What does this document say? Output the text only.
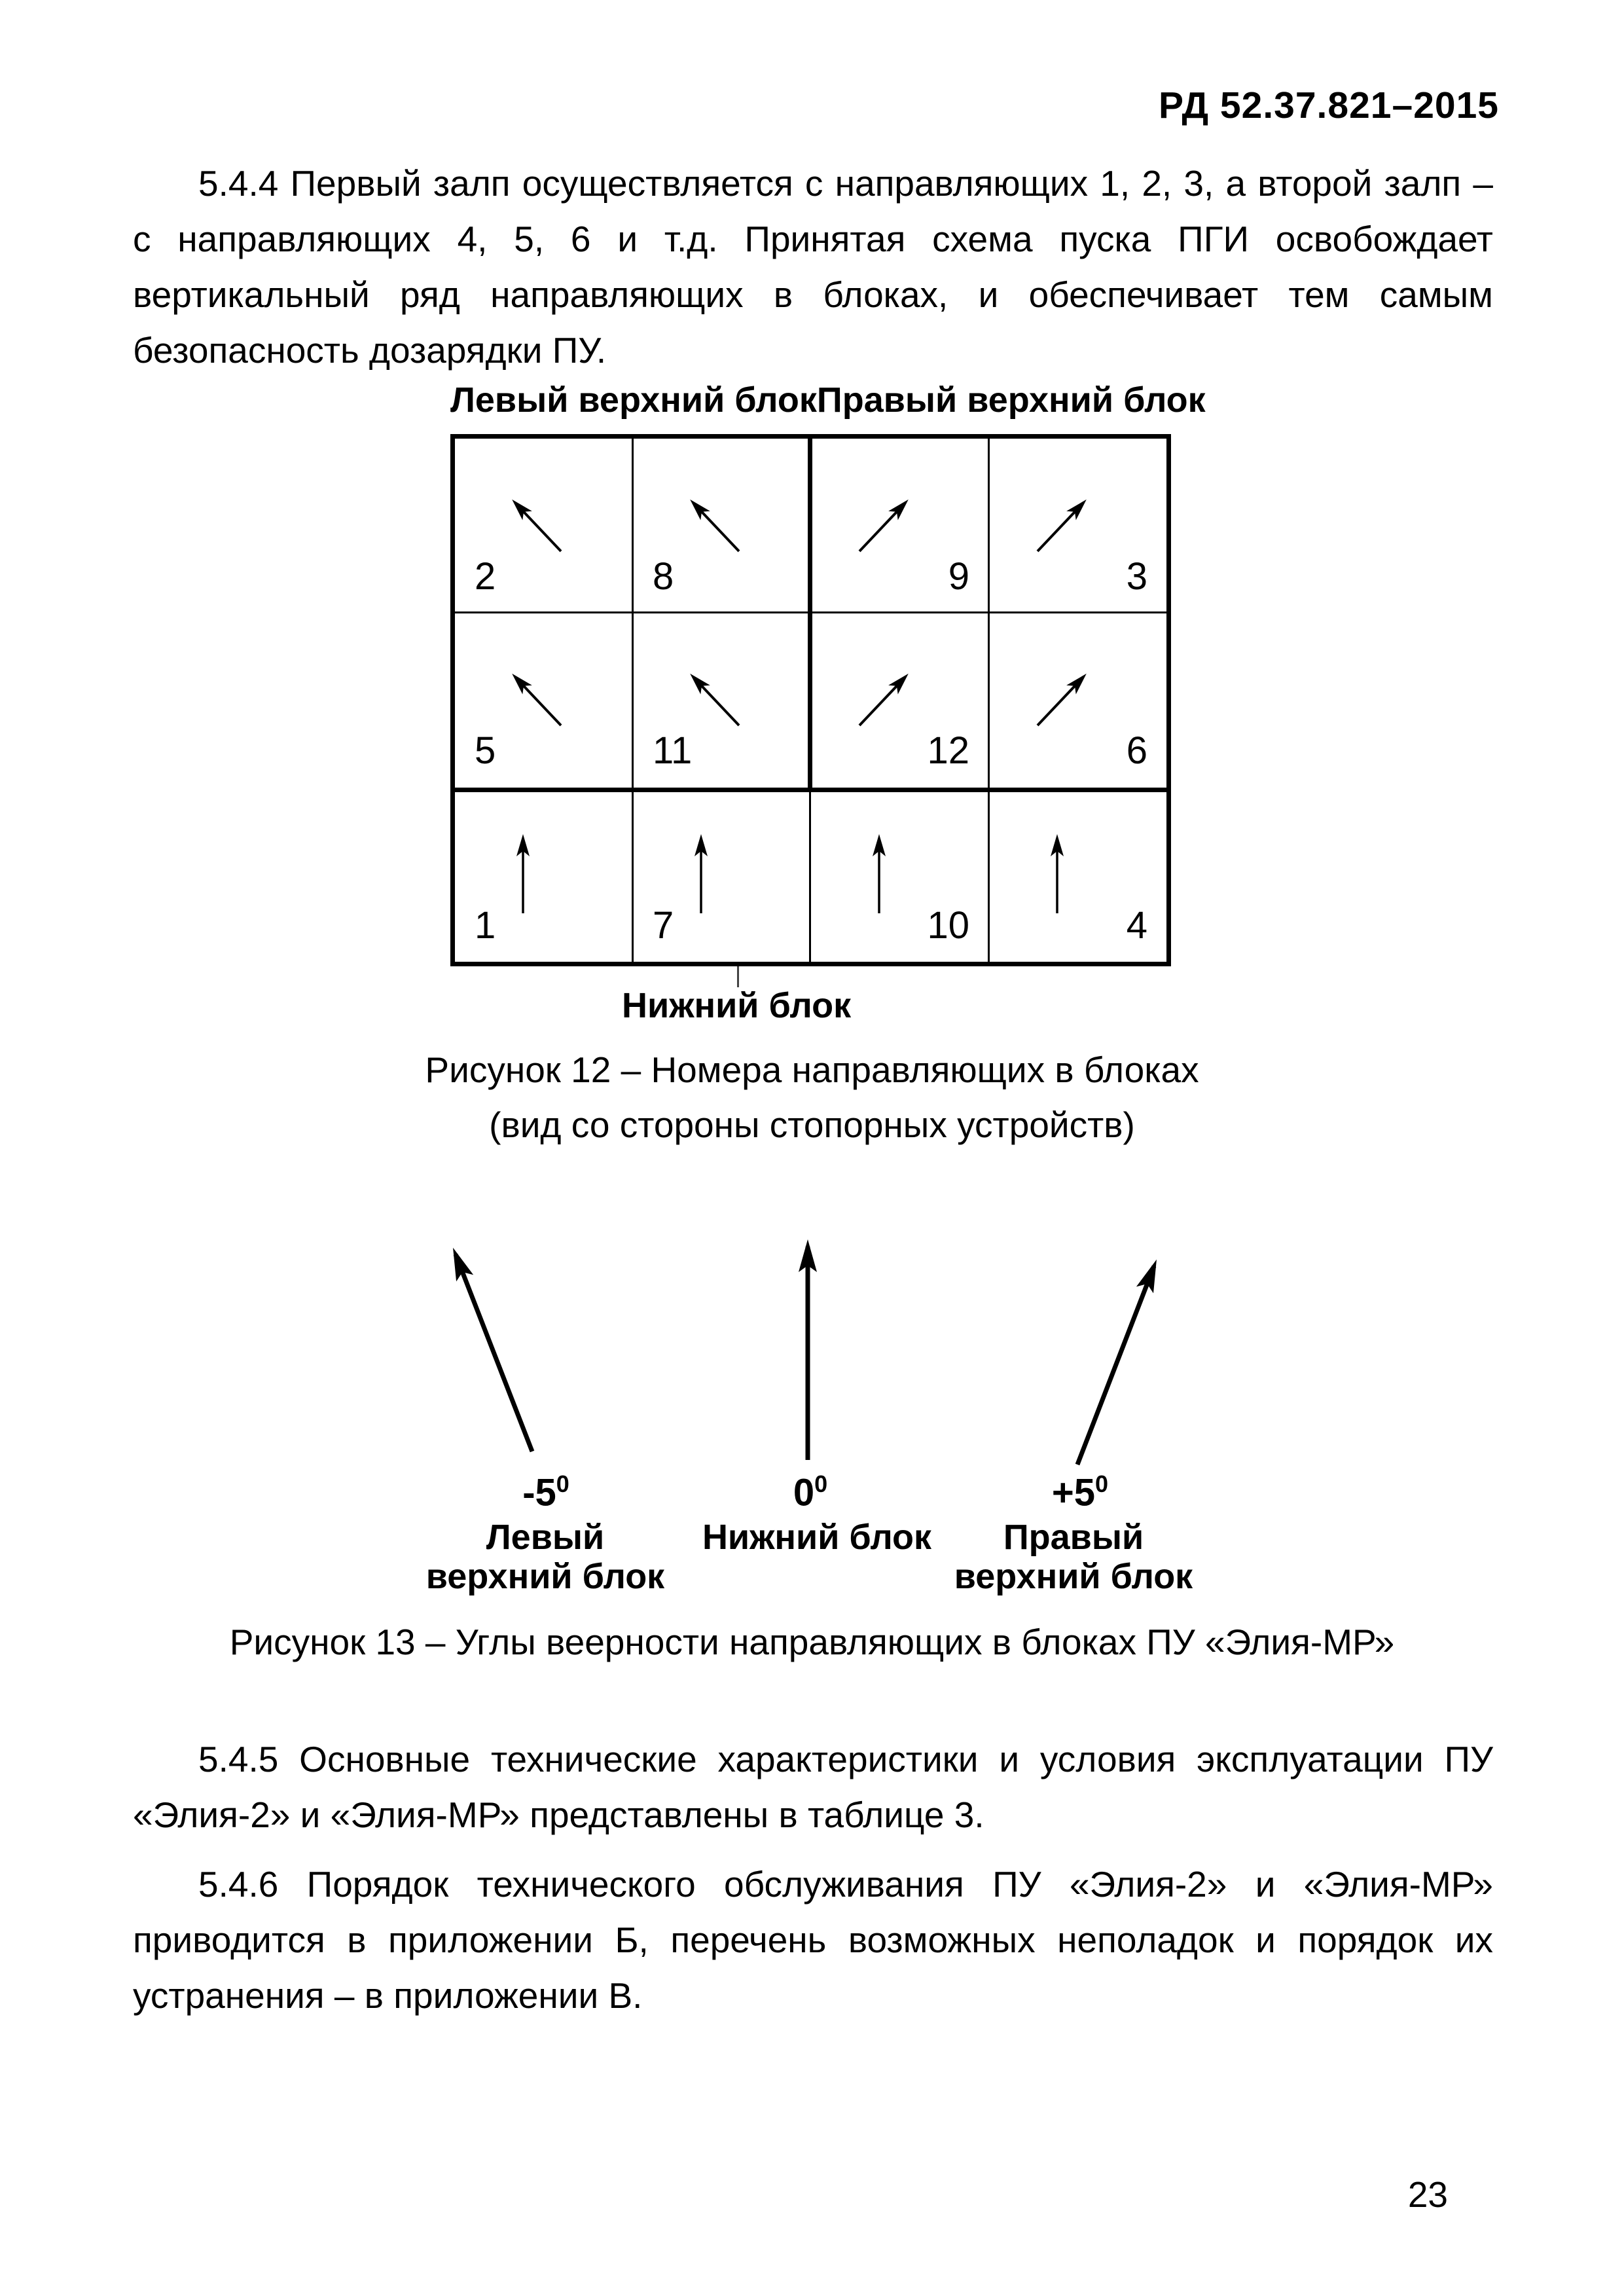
РД 52.37.821–2015
5.4.4 Первый залп осуществляется с направляющих 1, 2, 3, а второй залп – с направляющих 4, 5, 6 и т.д. Принятая схема пуска ПГИ освобождает вертикальный ряд направляющих в блоках, и обеспечивает тем самым безопасность дозарядки ПУ.
Левый верхний блок Правый верхний блок
2	8	9	3
5	11	12	6
1	7	10	4
Нижний блок
Рисунок 12 – Номера направляющих в блоках
(вид со стороны стопорных устройств)
$-5^0$	$0^0$	$+5^0$
Левый
верхний блок
Нижний блок	Правый
верхний блок
Рисунок 13 – Углы веерности направляющих в блоках ПУ «Элия-МР»
5.4.5 Основные технические характеристики и условия эксплуатации ПУ «Элия-2» и «Элия-МР» представлены в таблице 3.
5.4.6 Порядок технического обслуживания ПУ «Элия-2» и «Элия-МР» приводится в приложении Б, перечень возможных неполадок и порядок их устранения – в приложении В.
23
